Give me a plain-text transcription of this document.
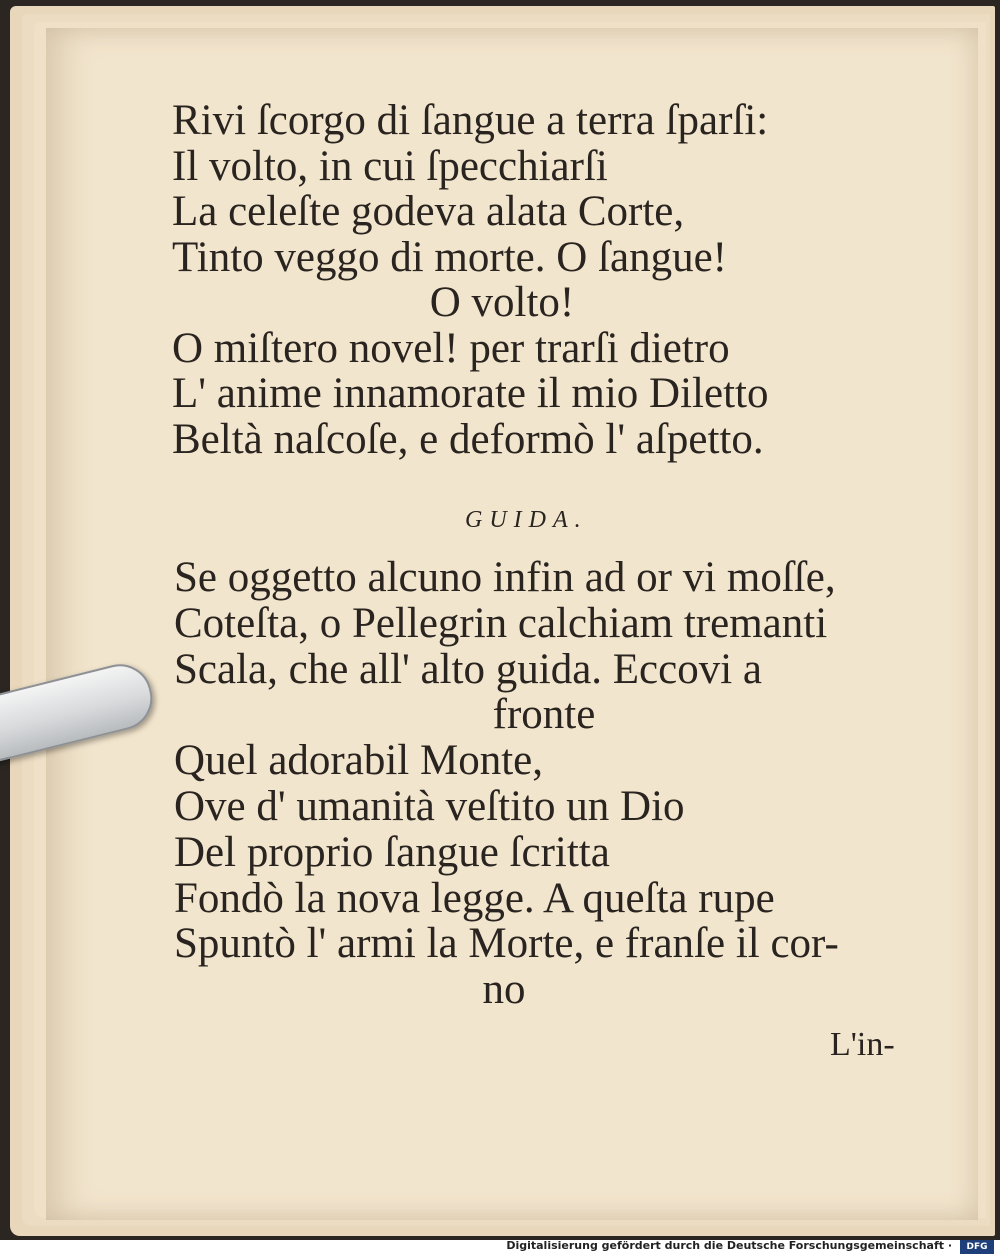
Rivi ſcorgo di ſangue a terra ſparſi:

Il volto, in cui ſpecchiarſi

La celeſte godeva alata Corte,

Tinto veggo di morte. O ſangue!

O volto!

O miſtero novel! per trarſi dietro

L' anime innamorate il mio Diletto

Beltà naſcoſe, e deformò l' aſpetto.

GUIDA.

Se oggetto alcuno infin ad or vi moſſe,

Coteſta, o Pellegrin calchiam tremanti

Scala, che all' alto guida. Eccovi a

fronte

Quel adorabil Monte,

Ove d' umanità veſtito un Dio

Del proprio ſangue ſcritta

Fondò la nova legge. A queſta rupe

Spuntò l' armi la Morte, e franſe il cor-

no

L'in-
Digitalisierung gefördert durch die Deutsche Forschungsgemeinschaft ·	DFG
